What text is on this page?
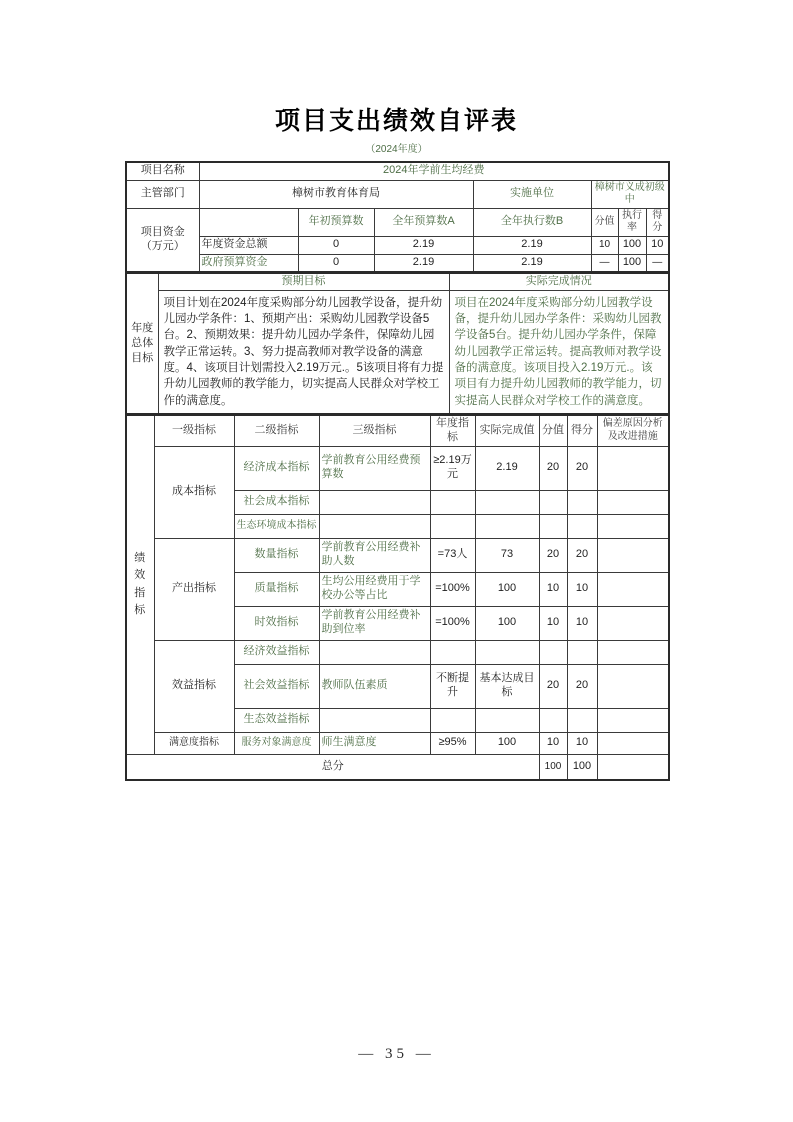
项目支出绩效自评表
（2024年度）
项目名称	2024年学前生均经费						
主管部门	樟树市教育体育局			实施单位	樟树市义成初级中		

项目资金
（万元）		年初预算数	全年预算数A	全年执行数B	分值	执行率	得分
	年度资金总额	0	2.19	2.19	10	100	10
	政府预算资金	0	2.19	2.19	—	100	—
年度总体目标	预期目标	实际完成情况
	项目计划在2024年度采购部分幼儿园教学设备，提升幼儿园办学条件：1、预期产出：采购幼儿园教学设备5台。2、预期效果：提升幼儿园办学条件，保障幼儿园教学正常运转。3、努力提高教师对教学设备的满意度。4、该项目计划需投入2.19万元.。5该项目将有力提升幼儿园教师的教学能力，切实提高人民群众对学校工作的满意度。	项目在2024年度采购部分幼儿园教学设备，提升幼儿园办学条件：采购幼儿园教学设备5台。提升幼儿园办学条件，保障幼儿园教学正常运转。提高教师对教学设备的满意度。该项目投入2.19万元.。该项目有力提升幼儿园教师的教学能力，切实提高人民群众对学校工作的满意度。
绩效指标	一级指标	二级指标	三级指标	年度指标	实际完成值	分值	得分	偏差原因分析及改进措施
	成本指标	经济成本指标	学前教育公用经费预算数	≥2.19万元	2.19	20	20	
		社会成本指标						
		生态环境成本指标						
	产出指标	数量指标	学前教育公用经费补助人数	=73人	73	20	20	
		质量指标	生均公用经费用于学校办公等占比	=100%	100	10	10	
		时效指标	学前教育公用经费补助到位率	=100%	100	10	10	
	效益指标	经济效益指标						
		社会效益指标	教师队伍素质	不断提升	基本达成目标	20	20	
		生态效益指标						
	满意度指标	服务对象满意度	师生满意度	≥95%	100	10	10	
总分						100	100	
— 35 —
